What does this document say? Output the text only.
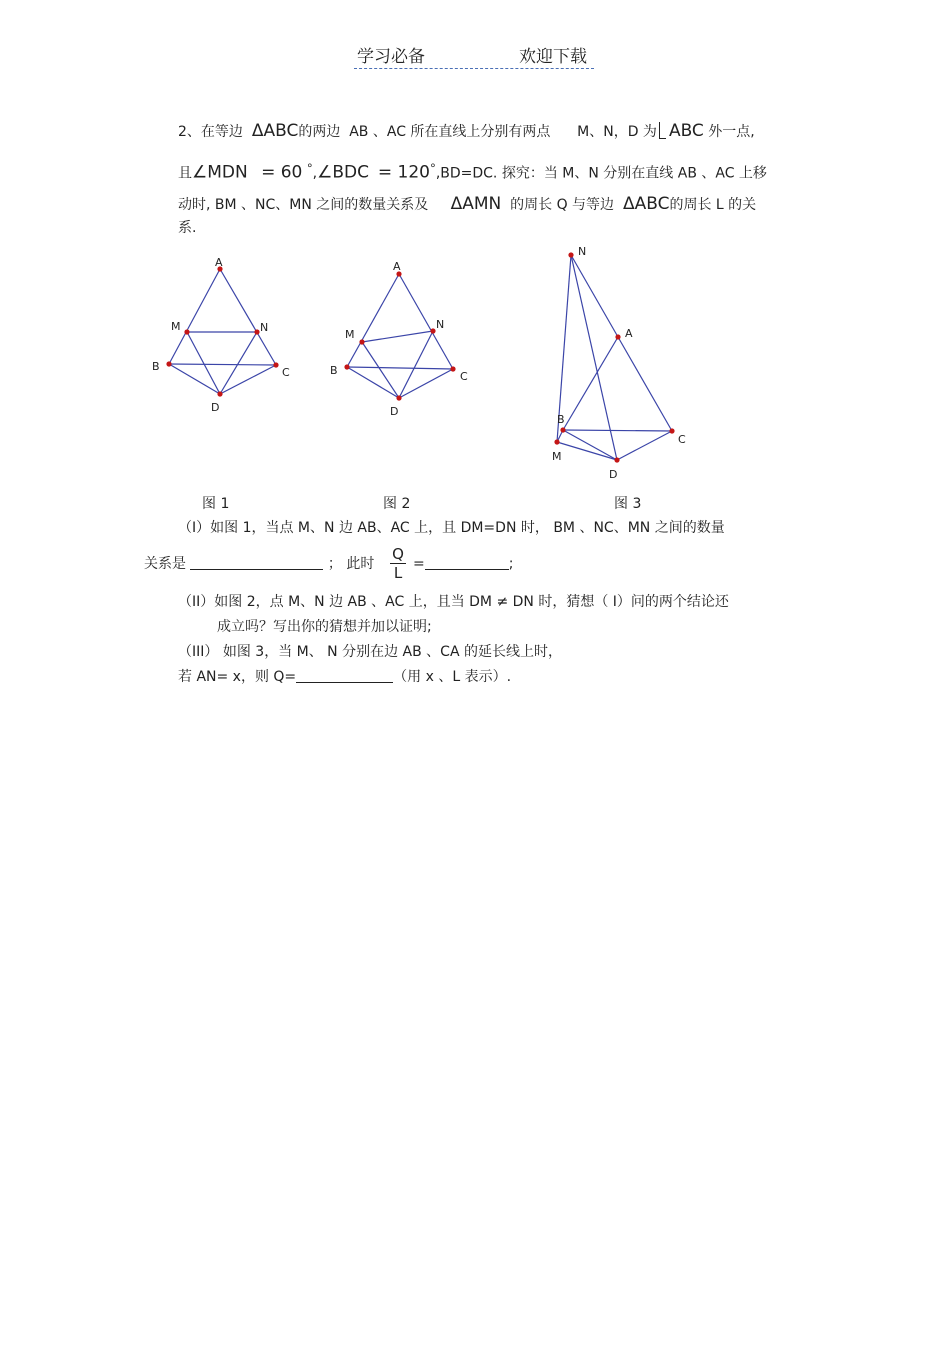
学习必备	欢迎下载
2、在等边 ΔABC的两边 AB 、AC 所在直线上分别有两点 M、N，D 为 ABC 外一点,
且∠MDN = 60 °,∠BDC = 120°,BD=DC. 探究：当 M、N 分别在直线 AB 、AC 上移
动时, BM 、NC、MN 之间的数量关系及 ΔAMN 的周长 Q 与等边 ΔABC的周长 L 的关
系.
A
M	N
B	C
D
A
M
N
B	C
D
N
A
B
C
M
D
图 1	图 2	图 3
（I）如图 1，当点 M、N 边 AB、AC 上，且 DM=DN 时， BM 、NC、MN 之间的数量
关系是	； 此时 $\frac{Q}{L}$ =	;
（II）如图 2，点 M、N 边 AB 、AC 上，且当 DM ≠ DN 时，猜想（ I）问的两个结论还
成立吗？写出你的猜想并加以证明;
（III） 如图 3，当 M、 N 分别在边 AB 、CA 的延长线上时，
若 AN= x，则 Q=	（用 x 、L 表示）.
